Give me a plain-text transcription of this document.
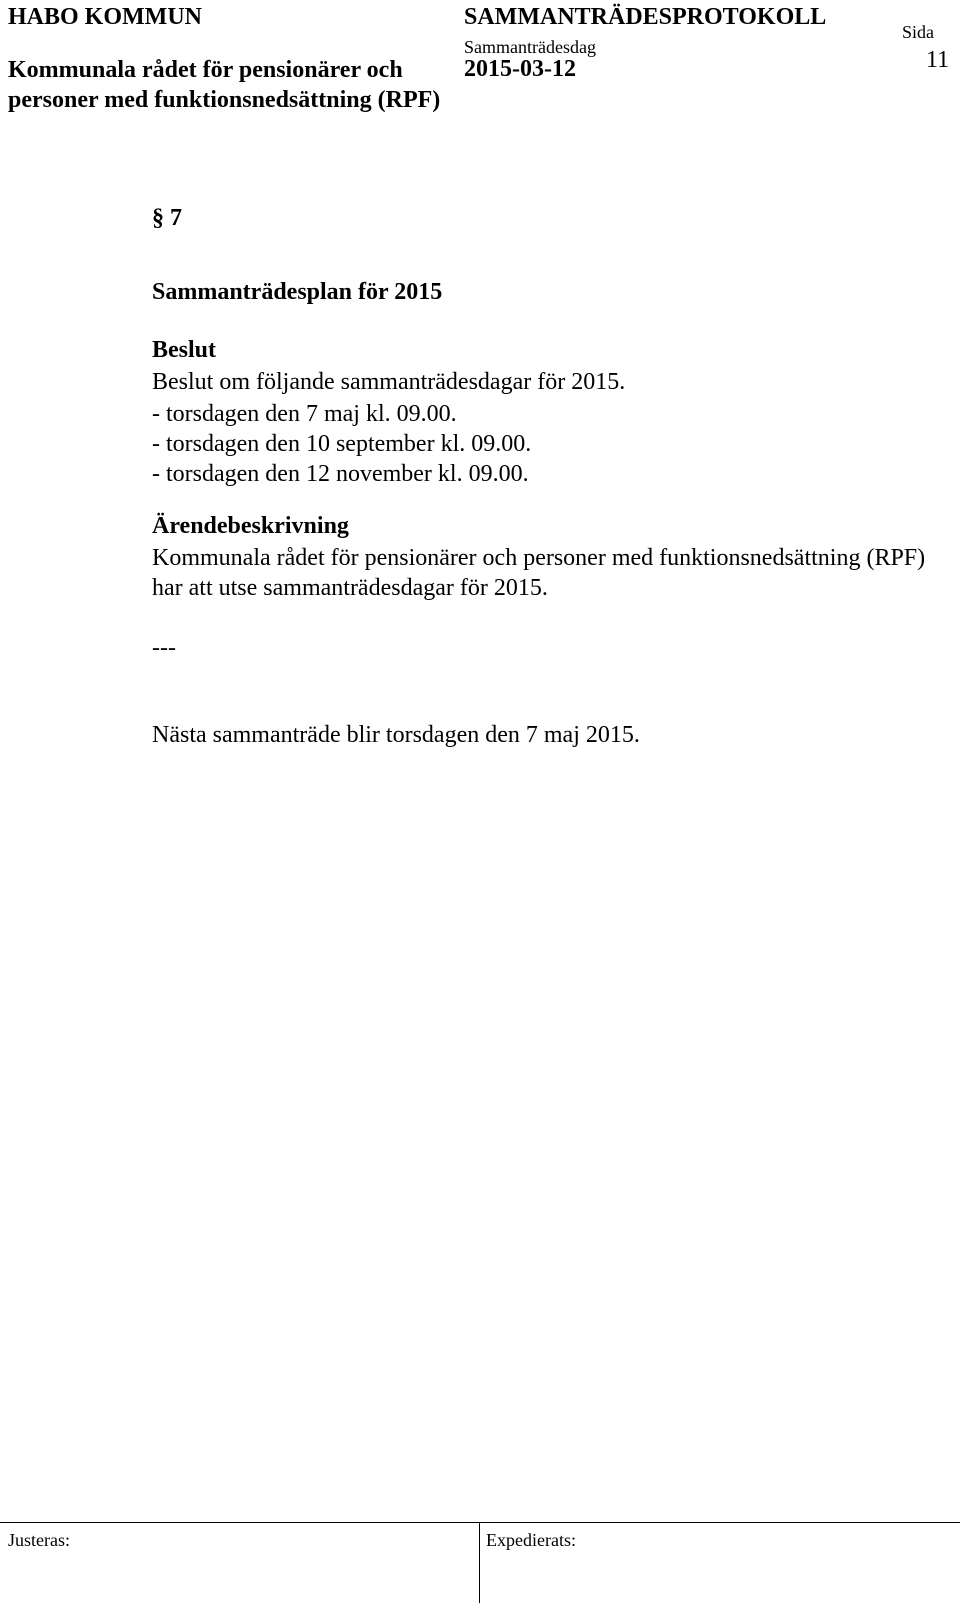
HABO KOMMUN
Kommunala rådet för pensionärer och personer med funktionsnedsättning (RPF)
SAMMANTRÄDESPROTOKOLL
Sammanträdesdag
2015-03-12
Sida
11
§ 7
Sammanträdesplan för 2015
Beslut
Beslut om följande sammanträdesdagar för 2015.
- torsdagen den 7 maj kl. 09.00.
- torsdagen den 10 september kl. 09.00.
- torsdagen den 12 november kl. 09.00.
Ärendebeskrivning
Kommunala rådet för pensionärer och personer med funktionsnedsättning (RPF) har att utse sammanträdesdagar för 2015.
---
Nästa sammanträde blir torsdagen den 7 maj 2015.
Justeras:	Expedierats:
